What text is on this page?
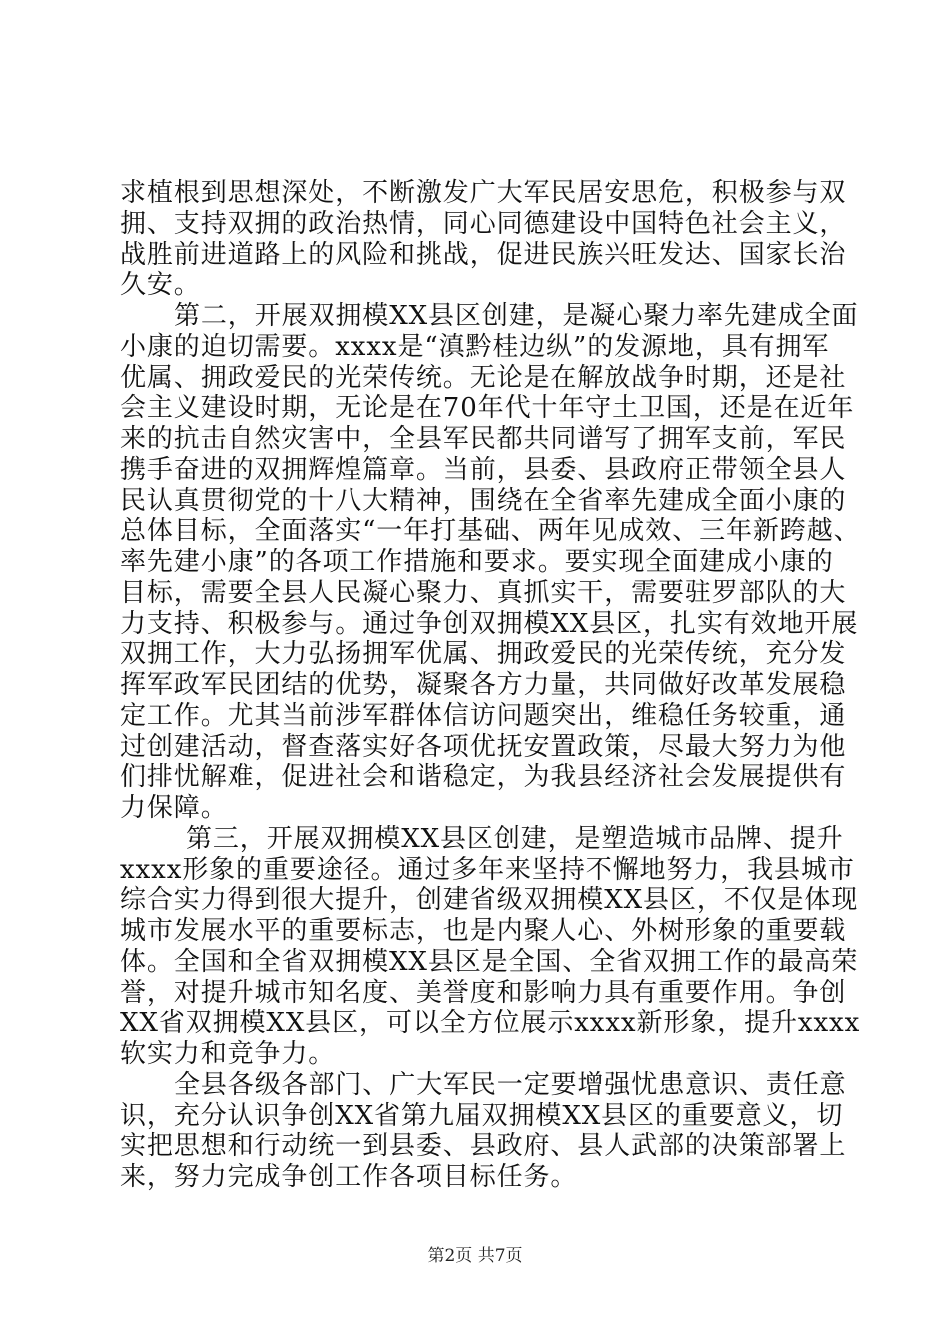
求植根到思想深处，不断激发广大军民居安思危，积极参与双
拥、支持双拥的政治热情，同心同德建设中国特色社会主义，
战胜前进道路上的风险和挑战，促进民族兴旺发达、国家长治
久安。
第二，开展双拥模XX县区创建，是凝心聚力率先建成全面
小康的迫切需要。xxxx是“滇黔桂边纵”的发源地，具有拥军
优属、拥政爱民的光荣传统。无论是在解放战争时期，还是社
会主义建设时期，无论是在70年代十年守土卫国，还是在近年
来的抗击自然灾害中，全县军民都共同谱写了拥军支前，军民
携手奋进的双拥辉煌篇章。当前，县委、县政府正带领全县人
民认真贯彻党的十八大精神，围绕在全省率先建成全面小康的
总体目标，全面落实“一年打基础、两年见成效、三年新跨越、
率先建小康”的各项工作措施和要求。要实现全面建成小康的
目标，需要全县人民凝心聚力、真抓实干，需要驻罗部队的大
力支持、积极参与。通过争创双拥模XX县区，扎实有效地开展
双拥工作，大力弘扬拥军优属、拥政爱民的光荣传统，充分发
挥军政军民团结的优势，凝聚各方力量，共同做好改革发展稳
定工作。尤其当前涉军群体信访问题突出，维稳任务较重，通
过创建活动，督查落实好各项优抚安置政策，尽最大努力为他
们排忧解难，促进社会和谐稳定，为我县经济社会发展提供有
力保障。
第三，开展双拥模XX县区创建，是塑造城市品牌、提升
xxxx形象的重要途径。通过多年来坚持不懈地努力，我县城市
综合实力得到很大提升，创建省级双拥模XX县区，不仅是体现
城市发展水平的重要标志，也是内聚人心、外树形象的重要载
体。全国和全省双拥模XX县区是全国、全省双拥工作的最高荣
誉，对提升城市知名度、美誉度和影响力具有重要作用。争创
XX省双拥模XX县区，可以全方位展示xxxx新形象，提升xxxx
软实力和竞争力。
全县各级各部门、广大军民一定要增强忧患意识、责任意
识，充分认识争创XX省第九届双拥模XX县区的重要意义，切
实把思想和行动统一到县委、县政府、县人武部的决策部署上
来，努力完成争创工作各项目标任务。
第2页 共7页
